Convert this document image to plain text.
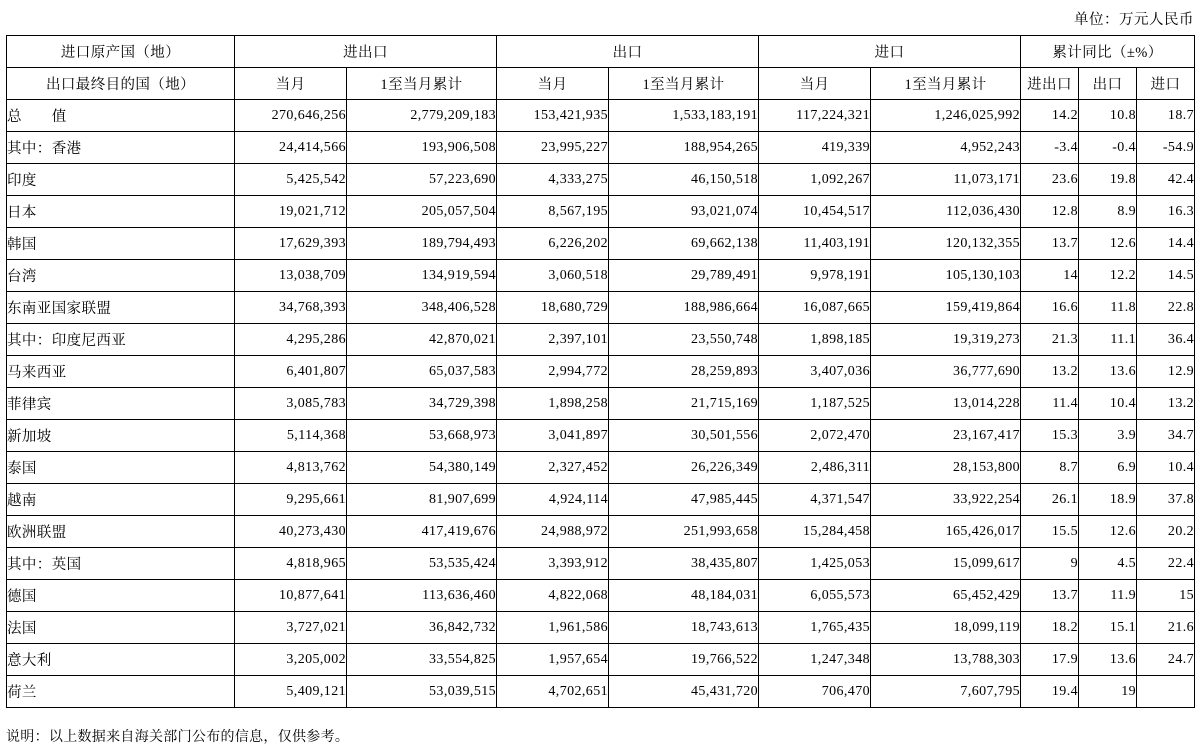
单位：万元人民币
进口原产国（地）	进出口		出口		进口		累计同比（±%）		
出口最终目的国（地）	当月	1至当月累计	当月	1至当月累计	当月	1至当月累计	进出口	出口	进口
总　　值	270,646,256	2,779,209,183	153,421,935	1,533,183,191	117,224,321	1,246,025,992	14.2	10.8	18.7
其中：香港	24,414,566	193,906,508	23,995,227	188,954,265	419,339	4,952,243	-3.4	-0.4	-54.9
印度	5,425,542	57,223,690	4,333,275	46,150,518	1,092,267	11,073,171	23.6	19.8	42.4
日本	19,021,712	205,057,504	8,567,195	93,021,074	10,454,517	112,036,430	12.8	8.9	16.3
韩国	17,629,393	189,794,493	6,226,202	69,662,138	11,403,191	120,132,355	13.7	12.6	14.4
台湾	13,038,709	134,919,594	3,060,518	29,789,491	9,978,191	105,130,103	14	12.2	14.5
东南亚国家联盟	34,768,393	348,406,528	18,680,729	188,986,664	16,087,665	159,419,864	16.6	11.8	22.8
其中：印度尼西亚	4,295,286	42,870,021	2,397,101	23,550,748	1,898,185	19,319,273	21.3	11.1	36.4
马来西亚	6,401,807	65,037,583	2,994,772	28,259,893	3,407,036	36,777,690	13.2	13.6	12.9
菲律宾	3,085,783	34,729,398	1,898,258	21,715,169	1,187,525	13,014,228	11.4	10.4	13.2
新加坡	5,114,368	53,668,973	3,041,897	30,501,556	2,072,470	23,167,417	15.3	3.9	34.7
泰国	4,813,762	54,380,149	2,327,452	26,226,349	2,486,311	28,153,800	8.7	6.9	10.4
越南	9,295,661	81,907,699	4,924,114	47,985,445	4,371,547	33,922,254	26.1	18.9	37.8
欧洲联盟	40,273,430	417,419,676	24,988,972	251,993,658	15,284,458	165,426,017	15.5	12.6	20.2
其中：英国	4,818,965	53,535,424	3,393,912	38,435,807	1,425,053	15,099,617	9	4.5	22.4
德国	10,877,641	113,636,460	4,822,068	48,184,031	6,055,573	65,452,429	13.7	11.9	15
法国	3,727,021	36,842,732	1,961,586	18,743,613	1,765,435	18,099,119	18.2	15.1	21.6
意大利	3,205,002	33,554,825	1,957,654	19,766,522	1,247,348	13,788,303	17.9	13.6	24.7
荷兰	5,409,121	53,039,515	4,702,651	45,431,720	706,470	7,607,795	19.4	19	
说明：以上数据来自海关部门公布的信息，仅供参考。
